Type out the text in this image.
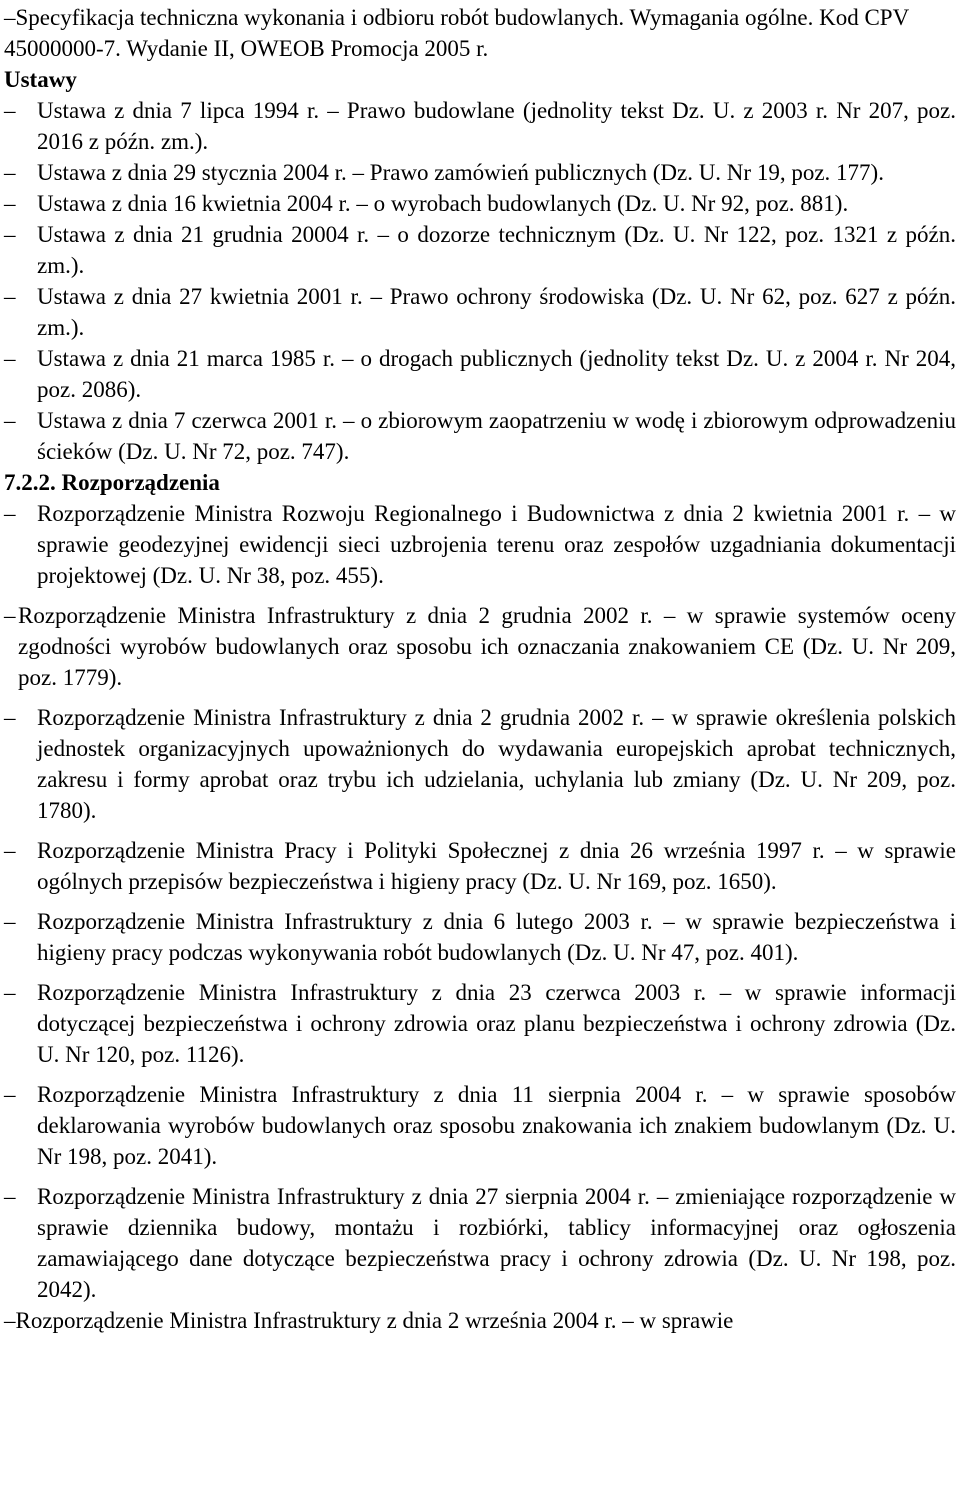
–Specyfikacja techniczna wykonania i odbioru robót budowlanych. Wymagania ogólne. Kod CPV 45000000-7. Wydanie II, OWEOB Promocja 2005 r.

Ustawy

– Ustawa z dnia 7 lipca 1994 r. – Prawo budowlane (jednolity tekst Dz. U. z 2003 r. Nr 207, poz. 2016 z późn. zm.).
– Ustawa z dnia 29 stycznia 2004 r. – Prawo zamówień publicznych (Dz. U. Nr 19, poz. 177).
– Ustawa z dnia 16 kwietnia 2004 r. – o wyrobach budowlanych (Dz. U. Nr 92, poz. 881).
– Ustawa z dnia 21 grudnia 20004 r. – o dozorze technicznym (Dz. U. Nr 122, poz. 1321 z późn. zm.).
– Ustawa z dnia 27 kwietnia 2001 r. – Prawo ochrony środowiska (Dz. U. Nr 62, poz. 627 z późn. zm.).
– Ustawa z dnia 21 marca 1985 r. – o drogach publicznych (jednolity tekst Dz. U. z 2004 r. Nr 204, poz. 2086).
– Ustawa z dnia 7 czerwca 2001 r. – o zbiorowym zaopatrzeniu w wodę i zbiorowym odprowadzeniu ścieków (Dz. U. Nr 72, poz. 747).

7.2.2. Rozporządzenia

– Rozporządzenie Ministra Rozwoju Regionalnego i Budownictwa z dnia 2 kwietnia 2001 r. – w sprawie geodezyjnej ewidencji sieci uzbrojenia terenu oraz zespołów uzgadniania dokumentacji projektowej (Dz. U. Nr 38, poz. 455).
– Rozporządzenie Ministra Infrastruktury z dnia 2 grudnia 2002 r. – w sprawie systemów oceny zgodności wyrobów budowlanych oraz sposobu ich oznaczania znakowaniem CE (Dz. U. Nr 209, poz. 1779).
– Rozporządzenie Ministra Infrastruktury z dnia 2 grudnia 2002 r. – w sprawie określenia polskich jednostek organizacyjnych upoważnionych do wydawania europejskich aprobat technicznych, zakresu i formy aprobat oraz trybu ich udzielania, uchylania lub zmiany (Dz. U. Nr 209, poz. 1780).
– Rozporządzenie Ministra Pracy i Polityki Społecznej z dnia 26 września 1997 r. – w sprawie ogólnych przepisów bezpieczeństwa i higieny pracy (Dz. U. Nr 169, poz. 1650).
– Rozporządzenie Ministra Infrastruktury z dnia 6 lutego 2003 r. – w sprawie bezpieczeństwa i higieny pracy podczas wykonywania robót budowlanych (Dz. U. Nr 47, poz. 401).
– Rozporządzenie Ministra Infrastruktury z dnia 23 czerwca 2003 r. – w sprawie informacji dotyczącej bezpieczeństwa i ochrony zdrowia oraz planu bezpieczeństwa i ochrony zdrowia (Dz. U. Nr 120, poz. 1126).
– Rozporządzenie Ministra Infrastruktury z dnia 11 sierpnia 2004 r. – w sprawie sposobów deklarowania wyrobów budowlanych oraz sposobu znakowania ich znakiem budowlanym (Dz. U. Nr 198, poz. 2041).
– Rozporządzenie Ministra Infrastruktury z dnia 27 sierpnia 2004 r. – zmieniające rozporządzenie w sprawie dziennika budowy, montażu i rozbiórki, tablicy informacyjnej oraz ogłoszenia zamawiającego dane dotyczące bezpieczeństwa pracy i ochrony zdrowia (Dz. U. Nr 198, poz. 2042).

–Rozporządzenie Ministra Infrastruktury z dnia 2 września 2004 r. – w sprawie
